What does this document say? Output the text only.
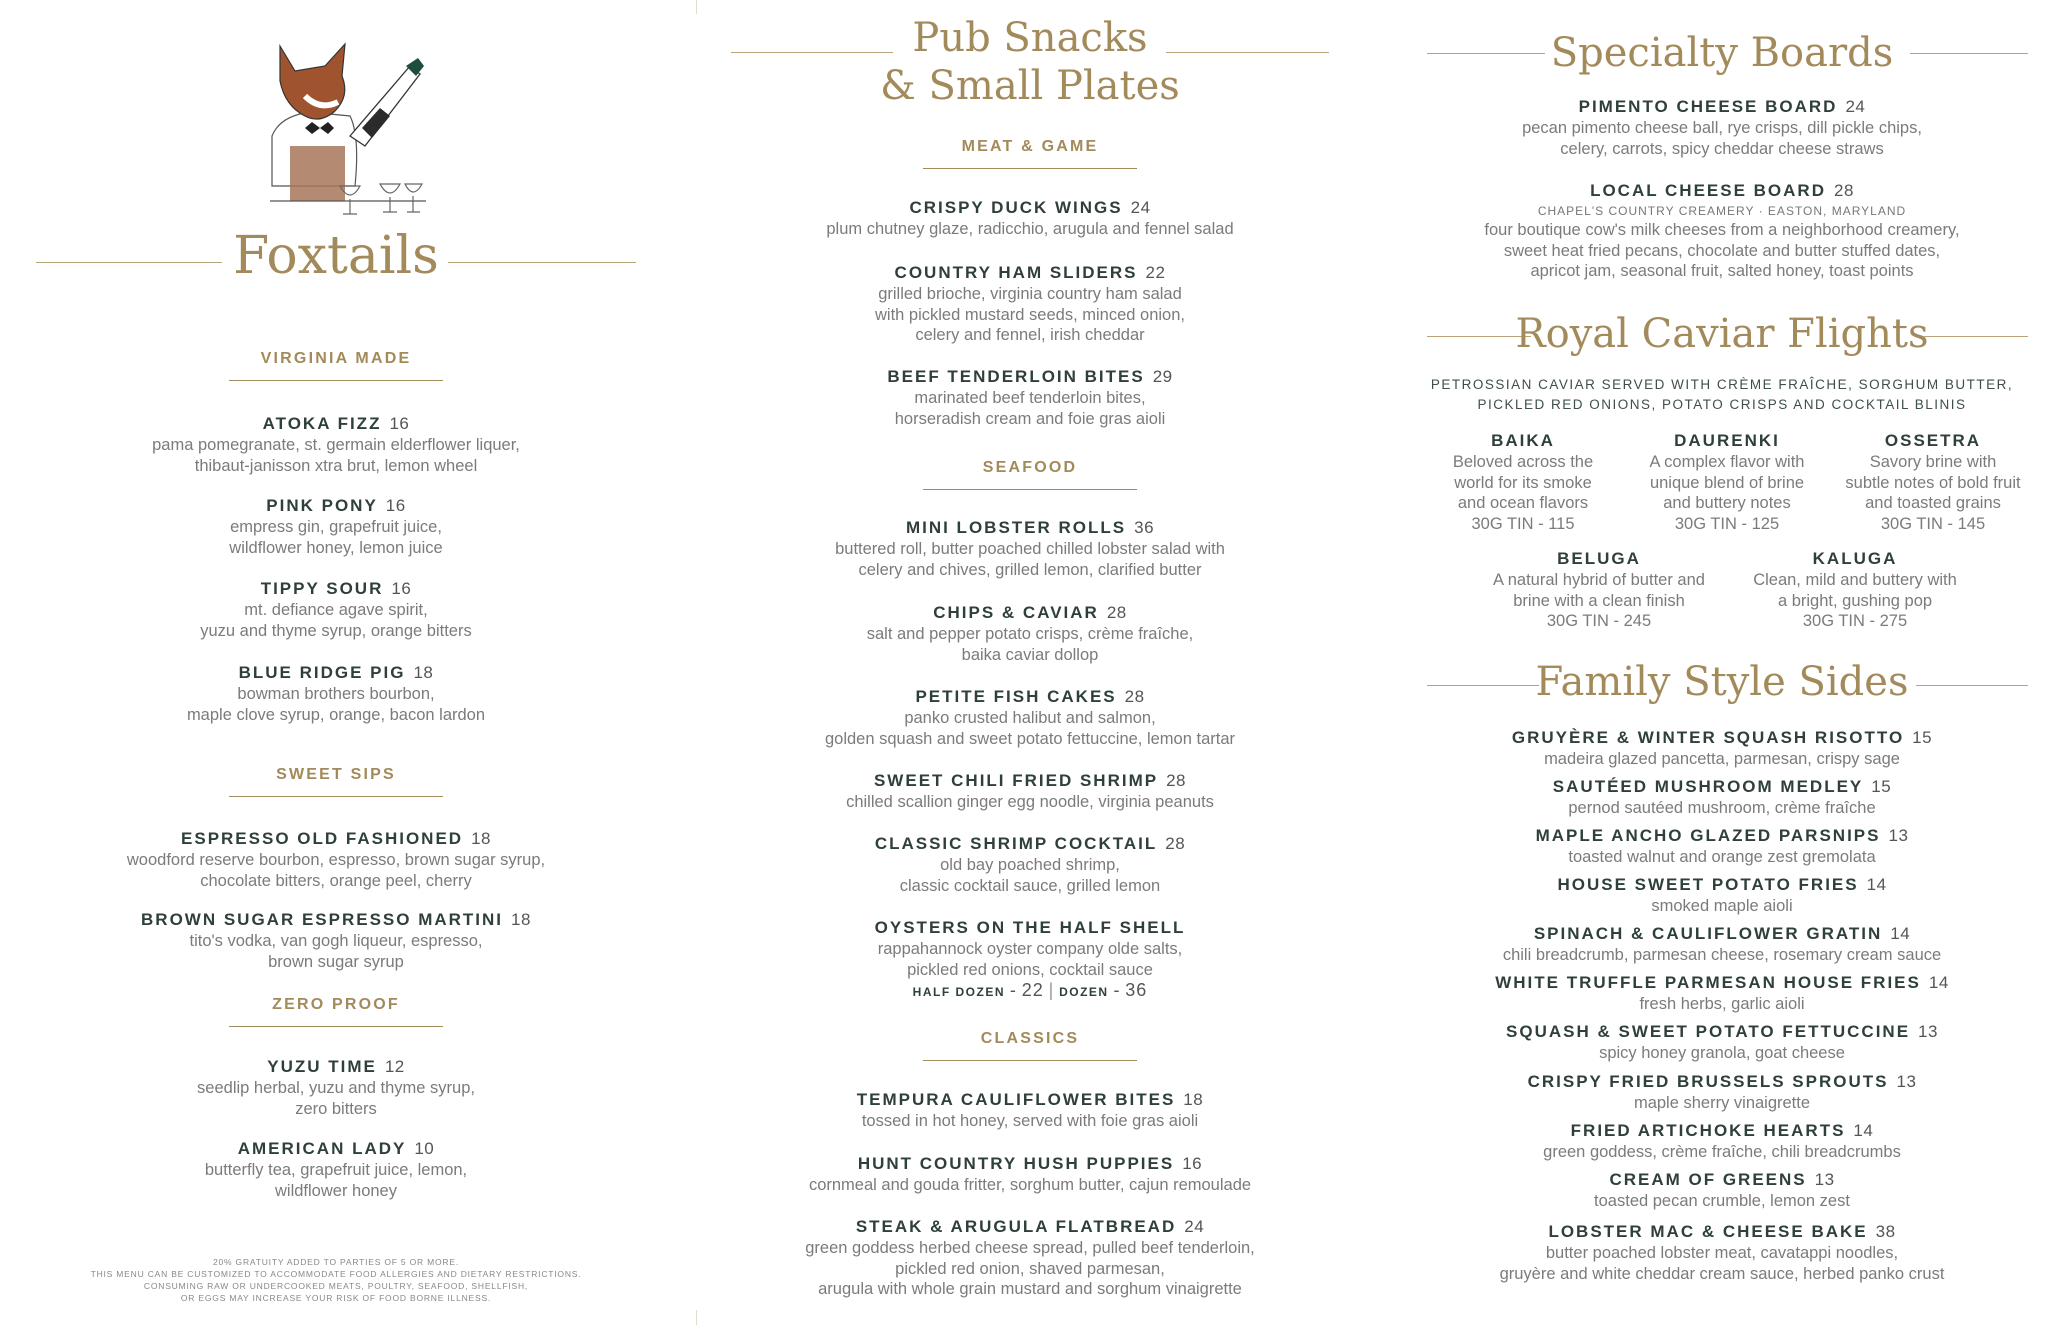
Foxtails
VIRGINIA MADE
ATOKA FIZZ 16
pama pomegranate, st. germain elderflower liquer,
thibaut-janisson xtra brut, lemon wheel
PINK PONY 16
empress gin, grapefruit juice,
wildflower honey, lemon juice
TIPPY SOUR 16
mt. defiance agave spirit,
yuzu and thyme syrup, orange bitters
BLUE RIDGE PIG 18
bowman brothers bourbon,
maple clove syrup, orange, bacon lardon
SWEET SIPS
ESPRESSO OLD FASHIONED 18
woodford reserve bourbon, espresso, brown sugar syrup,
chocolate bitters, orange peel, cherry
BROWN SUGAR ESPRESSO MARTINI 18
tito's vodka, van gogh liqueur, espresso,
brown sugar syrup
ZERO PROOF
YUZU TIME 12
seedlip herbal, yuzu and thyme syrup,
zero bitters
AMERICAN LADY 10
butterfly tea, grapefruit juice, lemon,
wildflower honey
20% GRATUITY ADDED TO PARTIES OF 5 OR MORE.
THIS MENU CAN BE CUSTOMIZED TO ACCOMMODATE FOOD ALLERGIES AND DIETARY RESTRICTIONS.
CONSUMING RAW OR UNDERCOOKED MEATS, POULTRY, SEAFOOD, SHELLFISH,
OR EGGS MAY INCREASE YOUR RISK OF FOOD BORNE ILLNESS.
Pub Snacks
& Small Plates
MEAT & GAME
CRISPY DUCK WINGS 24
plum chutney glaze, radicchio, arugula and fennel salad
COUNTRY HAM SLIDERS 22
grilled brioche, virginia country ham salad
with pickled mustard seeds, minced onion,
celery and fennel, irish cheddar
BEEF TENDERLOIN BITES 29
marinated beef tenderloin bites,
horseradish cream and foie gras aioli
SEAFOOD
MINI LOBSTER ROLLS 36
buttered roll, butter poached chilled lobster salad with
celery and chives, grilled lemon, clarified butter
CHIPS & CAVIAR 28
salt and pepper potato crisps, crème fraîche,
baika caviar dollop
PETITE FISH CAKES 28
panko crusted halibut and salmon,
golden squash and sweet potato fettuccine, lemon tartar
SWEET CHILI FRIED SHRIMP 28
chilled scallion ginger egg noodle, virginia peanuts
CLASSIC SHRIMP COCKTAIL 28
old bay poached shrimp,
classic cocktail sauce, grilled lemon
OYSTERS ON THE HALF SHELL
rappahannock oyster company olde salts,
pickled red onions, cocktail sauce
HALF DOZEN - 22 | DOZEN - 36
CLASSICS
TEMPURA CAULIFLOWER BITES 18
tossed in hot honey, served with foie gras aioli
HUNT COUNTRY HUSH PUPPIES 16
cornmeal and gouda fritter, sorghum butter, cajun remoulade
STEAK & ARUGULA FLATBREAD 24
green goddess herbed cheese spread, pulled beef tenderloin,
pickled red onion, shaved parmesan,
arugula with whole grain mustard and sorghum vinaigrette
Specialty Boards
PIMENTO CHEESE BOARD 24
pecan pimento cheese ball, rye crisps, dill pickle chips,
celery, carrots, spicy cheddar cheese straws
LOCAL CHEESE BOARD 28
CHAPEL'S COUNTRY CREAMERY · EASTON, MARYLAND
four boutique cow's milk cheeses from a neighborhood creamery,
sweet heat fried pecans, chocolate and butter stuffed dates,
apricot jam, seasonal fruit, salted honey, toast points
Royal Caviar Flights
PETROSSIAN CAVIAR SERVED WITH CRÈME FRAÎCHE, SORGHUM BUTTER,
PICKLED RED ONIONS, POTATO CRISPS AND COCKTAIL BLINIS
BAIKA
Beloved across the
world for its smoke
and ocean flavors
30G TIN - 115
DAURENKI
A complex flavor with
unique blend of brine
and buttery notes
30G TIN - 125
OSSETRA
Savory brine with
subtle notes of bold fruit
and toasted grains
30G TIN - 145
BELUGA
A natural hybrid of butter and
brine with a clean finish
30G TIN - 245
KALUGA
Clean, mild and buttery with
a bright, gushing pop
30G TIN - 275
Family Style Sides
GRUYÈRE & WINTER SQUASH RISOTTO 15
madeira glazed pancetta, parmesan, crispy sage
SAUTÉED MUSHROOM MEDLEY 15
pernod sautéed mushroom, crème fraîche
MAPLE ANCHO GLAZED PARSNIPS 13
toasted walnut and orange zest gremolata
HOUSE SWEET POTATO FRIES 14
smoked maple aioli
SPINACH & CAULIFLOWER GRATIN 14
chili breadcrumb, parmesan cheese, rosemary cream sauce
WHITE TRUFFLE PARMESAN HOUSE FRIES 14
fresh herbs, garlic aioli
SQUASH & SWEET POTATO FETTUCCINE 13
spicy honey granola, goat cheese
CRISPY FRIED BRUSSELS SPROUTS 13
maple sherry vinaigrette
FRIED ARTICHOKE HEARTS 14
green goddess, crème fraîche, chili breadcrumbs
CREAM OF GREENS 13
toasted pecan crumble, lemon zest
LOBSTER MAC & CHEESE BAKE 38
butter poached lobster meat, cavatappi noodles,
gruyère and white cheddar cream sauce, herbed panko crust
